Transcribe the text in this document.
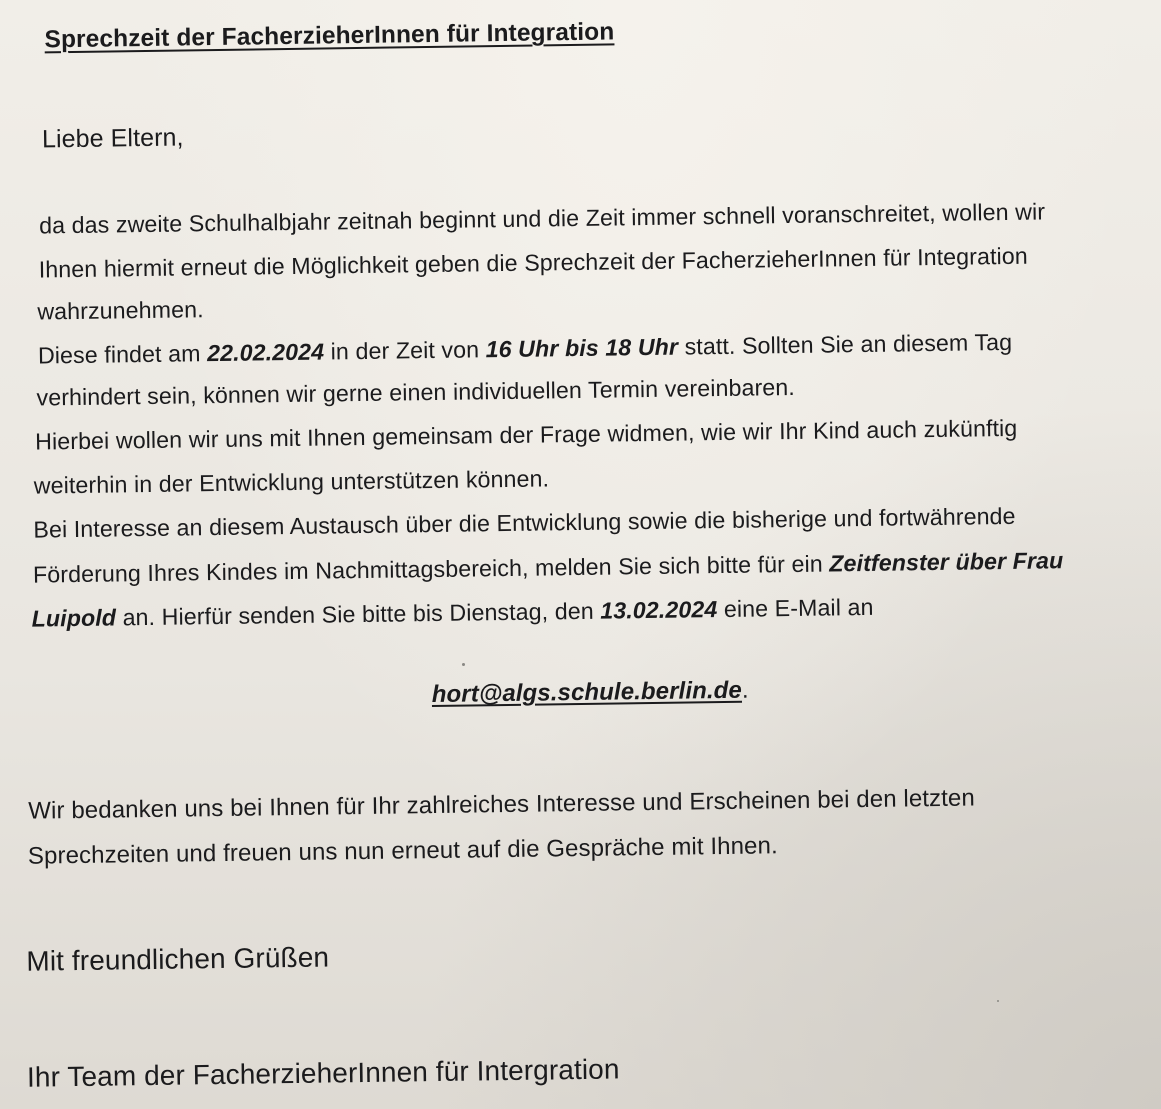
Sprechzeit der FacherzieherInnen für Integration
Liebe Eltern,
da das zweite Schulhalbjahr zeitnah beginnt und die Zeit immer schnell voranschreitet, wollen wir
Ihnen hiermit erneut die Möglichkeit geben die Sprechzeit der FacherzieherInnen für Integration
wahrzunehmen.
Diese findet am 22.02.2024 in der Zeit von 16 Uhr bis 18 Uhr statt. Sollten Sie an diesem Tag
verhindert sein, können wir gerne einen individuellen Termin vereinbaren.
Hierbei wollen wir uns mit Ihnen gemeinsam der Frage widmen, wie wir Ihr Kind auch zukünftig
weiterhin in der Entwicklung unterstützen können.
Bei Interesse an diesem Austausch über die Entwicklung sowie die bisherige und fortwährende
Förderung Ihres Kindes im Nachmittagsbereich, melden Sie sich bitte für ein Zeitfenster über Frau
Luipold an. Hierfür senden Sie bitte bis Dienstag, den 13.02.2024 eine E-Mail an
hort@algs.schule.berlin.de.
Wir bedanken uns bei Ihnen für Ihr zahlreiches Interesse und Erscheinen bei den letzten
Sprechzeiten und freuen uns nun erneut auf die Gespräche mit Ihnen.
Mit freundlichen Grüßen
Ihr Team der FacherzieherInnen für Intergration
